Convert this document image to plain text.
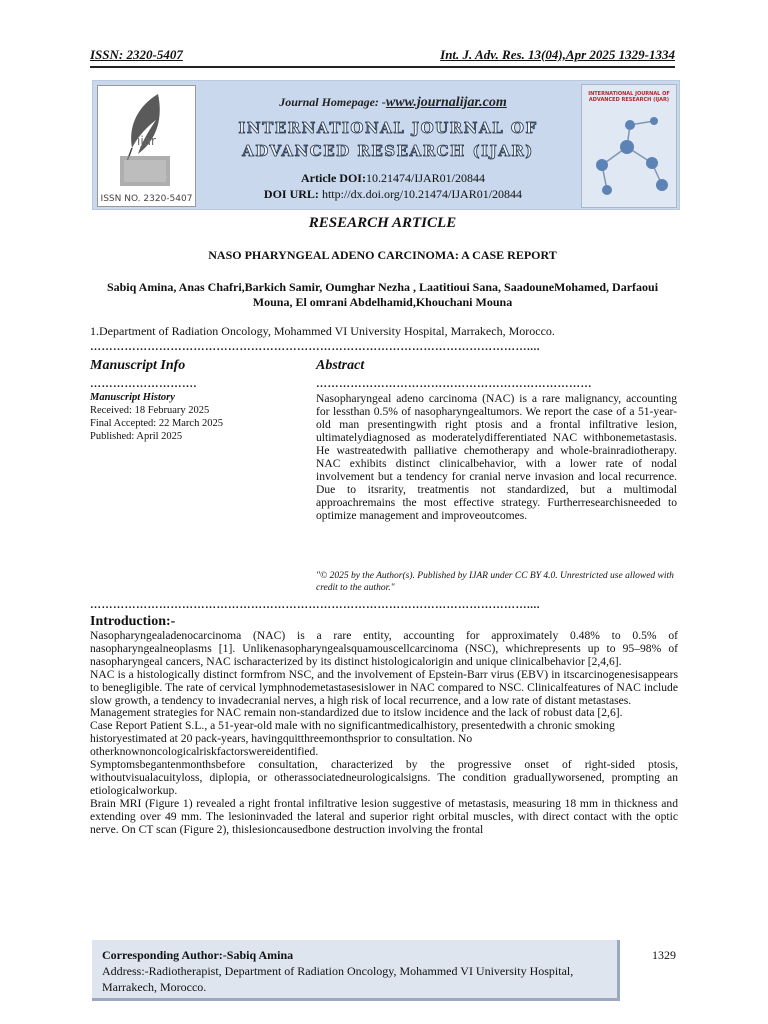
ISSN: 2320-5407	Int. J. Adv. Res. 13(04),Apr 2025 1329-1334
ijar
ISSN NO. 2320-5407
Journal Homepage: -www.journalijar.com
INTERNATIONAL JOURNAL OF
ADVANCED RESEARCH (IJAR)
Article DOI:10.21474/IJAR01/20844
DOI URL: http://dx.doi.org/10.21474/IJAR01/20844
INTERNATIONAL JOURNAL OF ADVANCED RESEARCH (IJAR)
RESEARCH ARTICLE
NASO PHARYNGEAL ADENO CARCINOMA: A CASE REPORT
Sabiq Amina, Anas Chafri,Barkich Samir, Oumghar Nezha , Laatitioui Sana, SaadouneMohamed, Darfaoui Mouna, El omrani Abdelhamid,Khouchani Mouna
1.Department of Radiation Oncology, Mohammed VI University Hospital, Marrakech, Morocco.
……………………………………………………………………………………………………....
Manuscript Info
……………………….
Manuscript History
Received: 18 February 2025
Final Accepted: 22 March 2025
Published: April 2025
Abstract
………………………………………………………………
Nasopharyngeal adeno carcinoma (NAC) is a rare malignancy, accounting for lessthan 0.5% of nasopharyngealtumors. We report the case of a 51-year-old man presentingwith right ptosis and a frontal infiltrative lesion, ultimatelydiagnosed as moderatelydifferentiated NAC withbonemetastasis. He wastreatedwith palliative chemotherapy and whole-brainradiotherapy. NAC exhibits distinct clinicalbehavior, with a lower rate of nodal involvement but a tendency for cranial nerve invasion and local recurrence. Due to itsrarity, treatmentis not standardized, but a multimodal approachremains the most effective strategy. Furtherresearchisneeded to optimize management and improveoutcomes.
"© 2025 by the Author(s). Published by IJAR under CC BY 4.0. Unrestricted use allowed with credit to the author."
……………………………………………………………………………………………………....
Introduction:-

Nasopharyngealadenocarcinoma (NAC) is a rare entity, accounting for approximately 0.48% to 0.5% of nasopharyngealneoplasms [1]. Unlikenasopharyngealsquamouscellcarcinoma (NSC), whichrepresents up to 95–98% of nasopharyngeal cancers, NAC ischaracterized by its distinct histologicalorigin and unique clinicalbehavior [2,4,6].

NAC is a histologically distinct formfrom NSC, and the involvement of Epstein-Barr virus (EBV) in itscarcinogenesisappears to benegligible. The rate of cervical lymphnodemetastasesislower in NAC compared to NSC. Clinicalfeatures of NAC include slow growth, a tendency to invadecranial nerves, a high risk of local recurrence, and a low rate of distant metastases.

Management strategies for NAC remain non-standardized due to itslow incidence and the lack of robust data [2,6].

Case Report Patient S.L., a 51-year-old male with no significantmedicalhistory, presentedwith a chronic smoking historyestimated at 20 pack-years, havingquitthreemonthsprior to consultation. No otherknownoncologicalriskfactorswereidentified.

Symptomsbegantenmonthsbefore consultation, characterized by the progressive onset of right-sided ptosis, withoutvisualacuityloss, diplopia, or otherassociatedneurologicalsigns. The condition graduallyworsened, prompting an etiologicalworkup.

Brain MRI (Figure 1) revealed a right frontal infiltrative lesion suggestive of metastasis, measuring 18 mm in thickness and extending over 49 mm. The lesioninvaded the lateral and superior right orbital muscles, with direct contact with the optic nerve. On CT scan (Figure 2), thislesioncausedbone destruction involving the frontal

Corresponding Author:-Sabiq Amina
Address:-Radiotherapist, Department of Radiation Oncology, Mohammed VI University Hospital, Marrakech, Morocco.
1329
